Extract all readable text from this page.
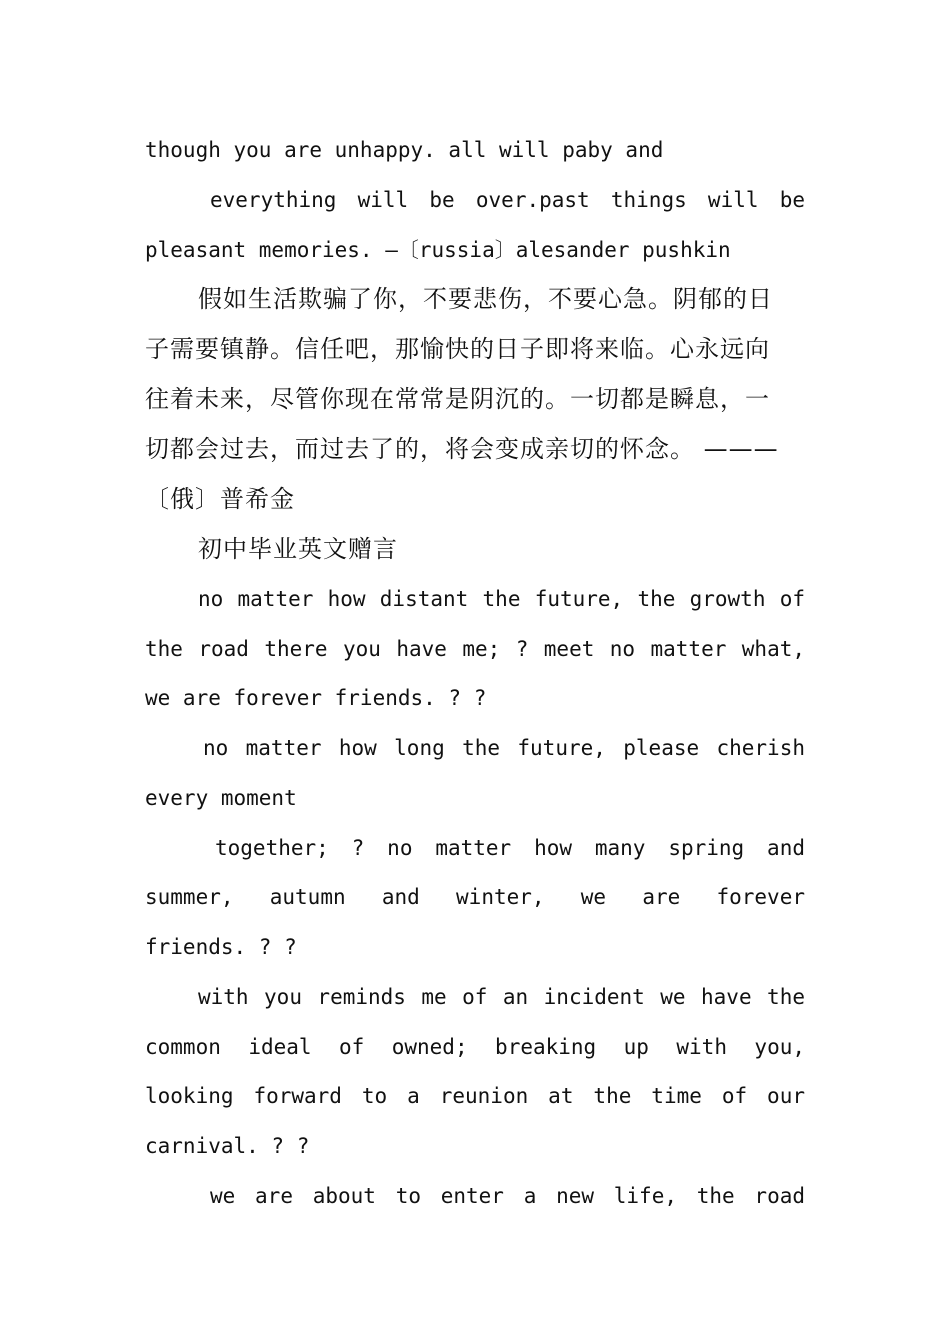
though you are unhappy. all will paby and
everything will be over.past things will be
pleasant memories. —〔russia〕alesander pushkin
假如生活欺骗了你，不要悲伤，不要心急。阴郁的日
子需要镇静。信任吧，那愉快的日子即将来临。心永远向
往着未来，尽管你现在常常是阴沉的。一切都是瞬息，一
切都会过去，而过去了的，将会变成亲切的怀念。 ———
〔俄〕普希金
初中毕业英文赠言
no matter how distant the future, the growth of
the road there you have me; ? meet no matter what,
we are forever friends. ? ?
no matter how long the future, please cherish
every moment
together; ? no matter how many spring and
summer, autumn and winter, we are forever
friends. ? ?
with you reminds me of an incident we have the
common ideal of owned; breaking up with you,
looking forward to a reunion at the time of our
carnival. ? ?
we are about to enter a new life, the road
